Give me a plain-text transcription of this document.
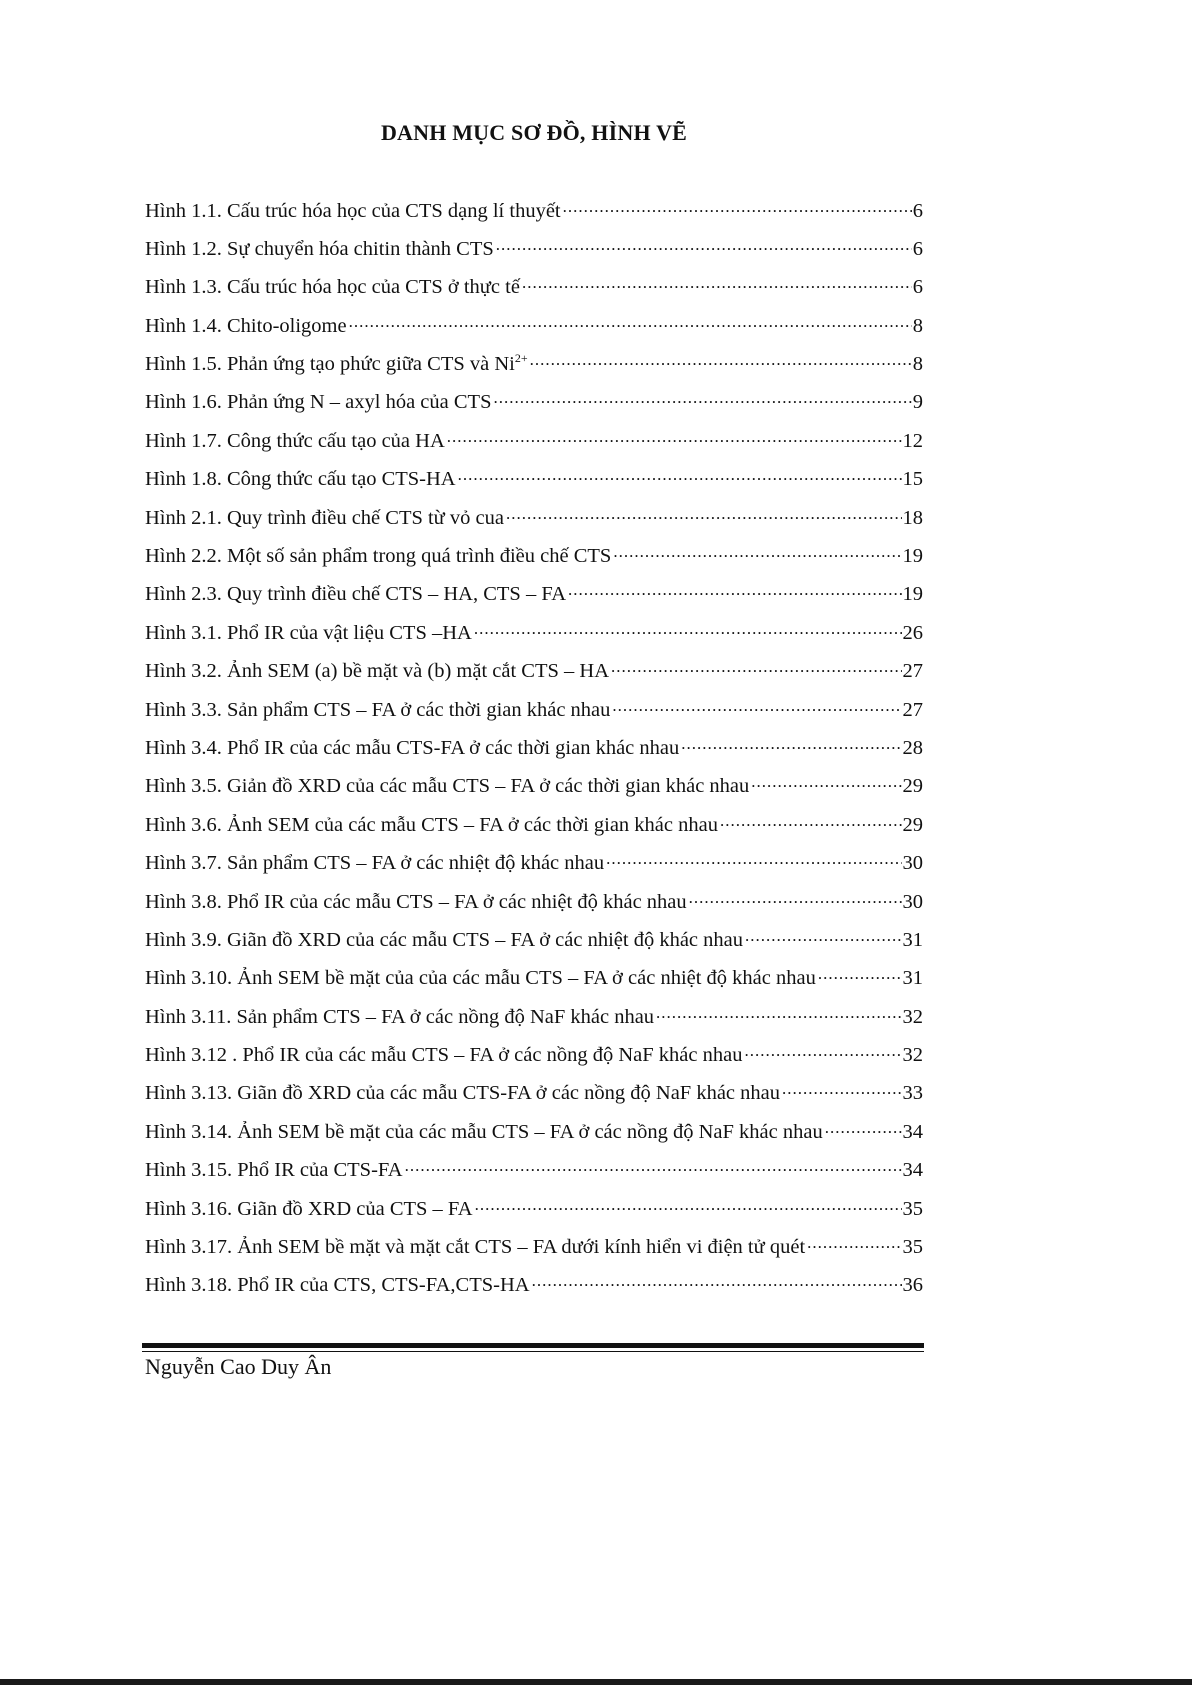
DANH MỤC SƠ ĐỒ, HÌNH VẼ
Hình 1.1. Cấu trúc hóa học của CTS dạng lí thuyết .....	6
Hình 1.2. Sự chuyển hóa chitin thành CTS .....	6
Hình 1.3. Cấu trúc hóa học của CTS ở thực tế .....	6
Hình 1.4. Chito-oligome .....	8
Hình 1.5. Phản ứng tạo phức giữa CTS và $Ni^{2+}$ .....	8
Hình 1.6. Phản ứng N – axyl hóa của CTS .....	9
Hình 1.7. Công thức cấu tạo của HA .....	12
Hình 1.8. Công thức cấu tạo CTS-HA .....	15
Hình 2.1. Quy trình điều chế CTS từ vỏ cua .....	18
Hình 2.2. Một số sản phẩm trong quá trình điều chế CTS .....	19
Hình 2.3. Quy trình điều chế CTS – HA, CTS – FA .....	19
Hình 3.1. Phổ IR của vật liệu CTS –HA .....	26
Hình 3.2. Ảnh SEM (a) bề mặt và (b) mặt cắt CTS – HA .....	27
Hình 3.3. Sản phẩm CTS – FA ở các thời gian khác nhau .....	27
Hình 3.4. Phổ IR của các mẫu CTS-FA ở các thời gian khác nhau .....	28
Hình 3.5. Giản đồ XRD của các mẫu CTS – FA ở các thời gian khác nhau .....	29
Hình 3.6. Ảnh SEM của các mẫu CTS – FA ở các thời gian khác nhau .....	29
Hình 3.7. Sản phẩm CTS – FA ở các nhiệt độ khác nhau .....	30
Hình 3.8. Phổ IR của các mẫu CTS – FA ở các nhiệt độ khác nhau .....	30
Hình 3.9. Giãn đồ XRD của các mẫu CTS – FA ở các nhiệt độ khác nhau .....	31
Hình 3.10. Ảnh SEM bề mặt của của các mẫu CTS – FA ở các nhiệt độ khác nhau .....	31
Hình 3.11. Sản phẩm CTS – FA ở các nồng độ NaF khác nhau .....	32
Hình 3.12 . Phổ IR của các mẫu CTS – FA ở các nồng độ NaF khác nhau .....	32
Hình 3.13. Giãn đồ XRD của các mẫu CTS-FA ở các nồng độ NaF khác nhau .....	33
Hình 3.14. Ảnh SEM bề mặt của các mẫu CTS – FA ở các nồng độ NaF khác nhau .....	34
Hình 3.15. Phổ IR của CTS-FA .....	34
Hình 3.16. Giãn đồ XRD của CTS – FA .....	35
Hình 3.17. Ảnh SEM bề mặt và mặt cắt CTS – FA dưới kính hiển vi điện tử quét .....	35
Hình 3.18. Phổ IR của CTS, CTS-FA,CTS-HA .....	36
Nguyễn Cao Duy Ân
